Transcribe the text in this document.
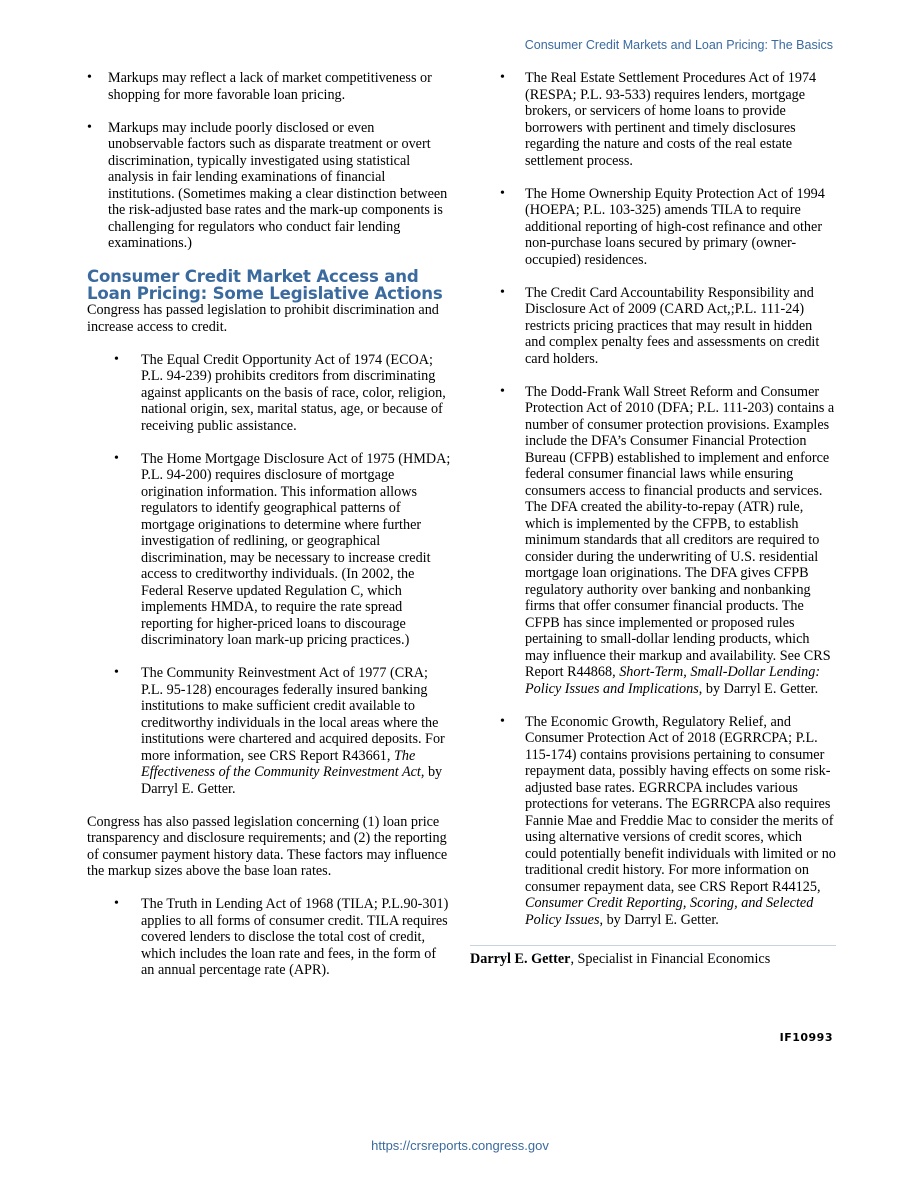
Consumer Credit Markets and Loan Pricing: The Basics
• Markups may reflect a lack of market competitiveness or shopping for more favorable loan pricing.
• Markups may include poorly disclosed or even unobservable factors such as disparate treatment or overt discrimination, typically investigated using statistical analysis in fair lending examinations of financial institutions. (Sometimes making a clear distinction between the risk-adjusted base rates and the mark-up components is challenging for regulators who conduct fair lending examinations.)
Consumer Credit Market Access and
Loan Pricing: Some Legislative Actions

Congress has passed legislation to prohibit discrimination and increase access to credit.

• The Equal Credit Opportunity Act of 1974 (ECOA; P.L. 94-239) prohibits creditors from discriminating against applicants on the basis of race, color, religion, national origin, sex, marital status, age, or because of receiving public assistance.
• The Home Mortgage Disclosure Act of 1975 (HMDA; P.L. 94-200) requires disclosure of mortgage origination information. This information allows regulators to identify geographical patterns of mortgage originations to determine where further investigation of redlining, or geographical discrimination, may be necessary to increase credit access to creditworthy individuals. (In 2002, the Federal Reserve updated Regulation C, which implements HMDA, to require the rate spread reporting for higher-priced loans to discourage discriminatory loan mark-up pricing practices.)
• The Community Reinvestment Act of 1977 (CRA; P.L. 95-128) encourages federally insured banking institutions to make sufficient credit available to creditworthy individuals in the local areas where the institutions were chartered and acquired deposits. For more information, see CRS Report R43661, The Effectiveness of the Community Reinvestment Act, by Darryl E. Getter.

Congress has also passed legislation concerning (1) loan price transparency and disclosure requirements; and (2) the reporting of consumer payment history data. These factors may influence the markup sizes above the base loan rates.

• The Truth in Lending Act of 1968 (TILA; P.L.90-301) applies to all forms of consumer credit. TILA requires covered lenders to disclose the total cost of credit, which includes the loan rate and fees, in the form of an annual percentage rate (APR).
• The Real Estate Settlement Procedures Act of 1974 (RESPA; P.L. 93-533) requires lenders, mortgage brokers, or servicers of home loans to provide borrowers with pertinent and timely disclosures regarding the nature and costs of the real estate settlement process.
• The Home Ownership Equity Protection Act of 1994 (HOEPA; P.L. 103-325) amends TILA to require additional reporting of high-cost refinance and other non-purchase loans secured by primary (owner-occupied) residences.
• The Credit Card Accountability Responsibility and Disclosure Act of 2009 (CARD Act,;P.L. 111-24) restricts pricing practices that may result in hidden and complex penalty fees and assessments on credit card holders.
• The Dodd-Frank Wall Street Reform and Consumer Protection Act of 2010 (DFA; P.L. 111-203) contains a number of consumer protection provisions. Examples include the DFA’s Consumer Financial Protection Bureau (CFPB) established to implement and enforce federal consumer financial laws while ensuring consumers access to financial products and services. The DFA created the ability-to-repay (ATR) rule, which is implemented by the CFPB, to establish minimum standards that all creditors are required to consider during the underwriting of U.S. residential mortgage loan originations. The DFA gives CFPB regulatory authority over banking and nonbanking firms that offer consumer financial products. The CFPB has since implemented or proposed rules pertaining to small-dollar lending products, which may influence their markup and availability. See CRS Report R44868, Short-Term, Small-Dollar Lending: Policy Issues and Implications, by Darryl E. Getter.
• The Economic Growth, Regulatory Relief, and Consumer Protection Act of 2018 (EGRRCPA; P.L. 115-174) contains provisions pertaining to consumer repayment data, possibly having effects on some risk-adjusted base rates. EGRRCPA includes various protections for veterans. The EGRRCPA also requires Fannie Mae and Freddie Mac to consider the merits of using alternative versions of credit scores, which could potentially benefit individuals with limited or no traditional credit history. For more information on consumer repayment data, see CRS Report R44125, Consumer Credit Reporting, Scoring, and Selected Policy Issues, by Darryl E. Getter.
Darryl E. Getter, Specialist in Financial Economics
IF10993
https://crsreports.congress.gov
